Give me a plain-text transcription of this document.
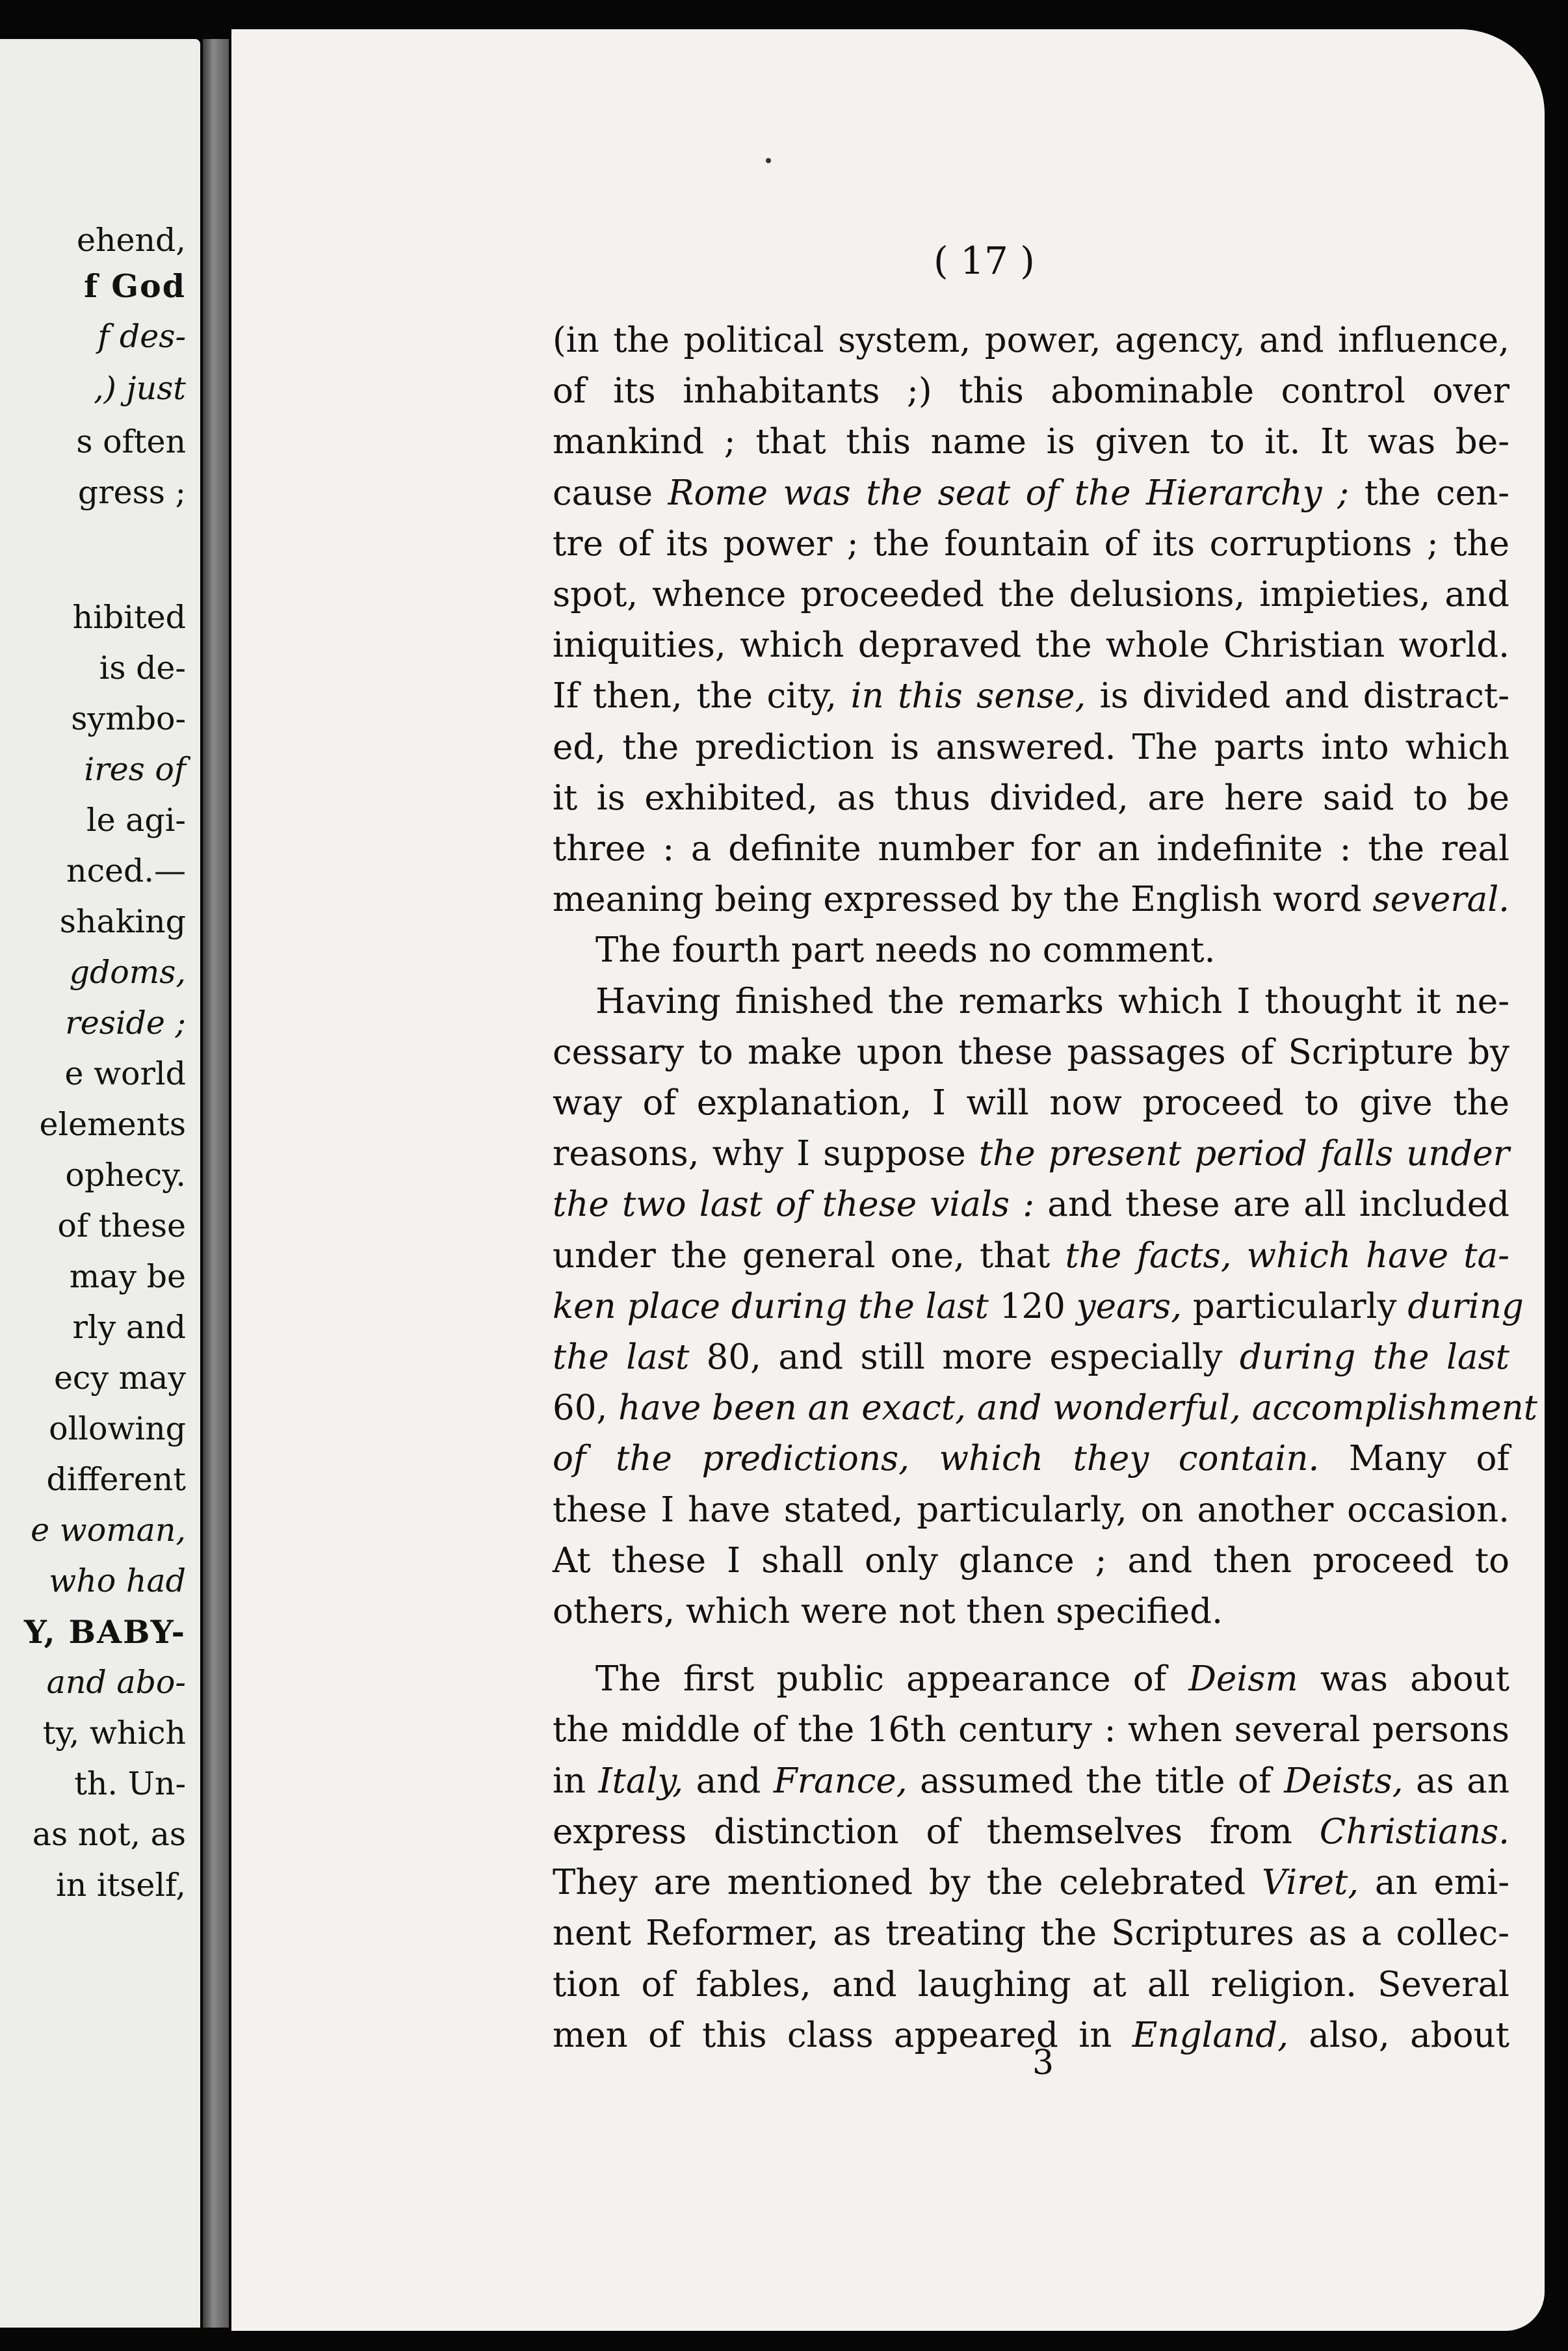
ehend,
f God
f des-
,) just
s often
gress ;
hibited
is de-
symbo-
ires of
le agi-
nced.—
shaking
gdoms,
reside ;
e world
elements
ophecy.
of these
may be
rly and
ecy may
ollowing
different
e woman,
who had
Y, BABY-
and abo-
ty, which
th. Un-
as not, as
in itself,
( 17 )
(in the political system, power, agency, and influence,
of its inhabitants ;) this abominable control over
mankind ; that this name is given to it. It was be-
cause Rome was the seat of the Hierarchy ; the cen-
tre of its power ; the fountain of its corruptions ; the
spot, whence proceeded the delusions, impieties, and
iniquities, which depraved the whole Christian world.
If then, the city, in this sense, is divided and distract-
ed, the prediction is answered. The parts into which
it is exhibited, as thus divided, are here said to be
three : a definite number for an indefinite : the real
meaning being expressed by the English word several.
The fourth part needs no comment.
Having finished the remarks which I thought it ne-
cessary to make upon these passages of Scripture by
way of explanation, I will now proceed to give the
reasons, why I suppose the present period falls under
the two last of these vials : and these are all included
under the general one, that the facts, which have ta-
ken place during the last 120 years, particularly during
the last 80, and still more especially during the last
60, have been an exact, and wonderful, accomplishment
of the predictions, which they contain. Many of
these I have stated, particularly, on another occasion.
At these I shall only glance ; and then proceed to
others, which were not then specified.
The first public appearance of Deism was about
the middle of the 16th century : when several persons
in Italy, and France, assumed the title of Deists, as an
express distinction of themselves from Christians.
They are mentioned by the celebrated Viret, an emi-
nent Reformer, as treating the Scriptures as a collec-
tion of fables, and laughing at all religion. Several
men of this class appeared in England, also, about
3
